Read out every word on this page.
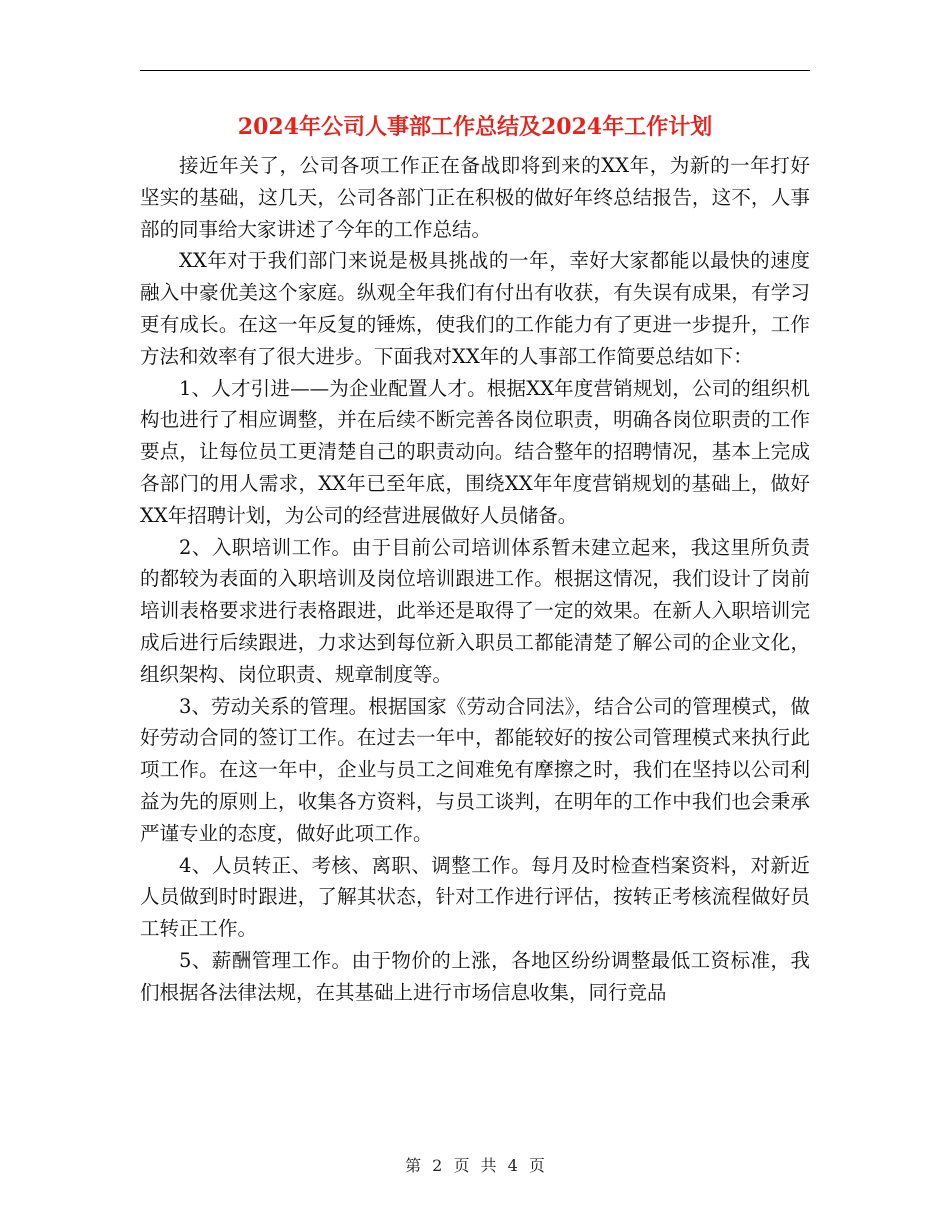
2024年公司人事部工作总结及2024年工作计划

接近年关了，公司各项工作正在备战即将到来的XX年，为新的一年打好坚实的基础，这几天，公司各部门正在积极的做好年终总结报告，这不，人事部的同事给大家讲述了今年的工作总结。

XX年对于我们部门来说是极具挑战的一年，幸好大家都能以最快的速度融入中豪优美这个家庭。纵观全年我们有付出有收获，有失误有成果，有学习更有成长。在这一年反复的锤炼，使我们的工作能力有了更进一步提升，工作方法和效率有了很大进步。下面我对XX年的人事部工作简要总结如下：

1、人才引进——为企业配置人才。根据XX年度营销规划，公司的组织机构也进行了相应调整，并在后续不断完善各岗位职责，明确各岗位职责的工作要点，让每位员工更清楚自己的职责动向。结合整年的招聘情况，基本上完成各部门的用人需求，XX年已至年底，围绕XX年年度营销规划的基础上，做好XX年招聘计划，为公司的经营进展做好人员储备。

2、入职培训工作。由于目前公司培训体系暂未建立起来，我这里所负责的都较为表面的入职培训及岗位培训跟进工作。根据这情况，我们设计了岗前培训表格要求进行表格跟进，此举还是取得了一定的效果。在新人入职培训完成后进行后续跟进，力求达到每位新入职员工都能清楚了解公司的企业文化，组织架构、岗位职责、规章制度等。

3、劳动关系的管理。根据国家《劳动合同法》，结合公司的管理模式，做好劳动合同的签订工作。在过去一年中，都能较好的按公司管理模式来执行此项工作。在这一年中，企业与员工之间难免有摩擦之时，我们在坚持以公司利益为先的原则上，收集各方资料，与员工谈判，在明年的工作中我们也会秉承严谨专业的态度，做好此项工作。

4、人员转正、考核、离职、调整工作。每月及时检查档案资料，对新近人员做到时时跟进，了解其状态，针对工作进行评估，按转正考核流程做好员工转正工作。

5、薪酬管理工作。由于物价的上涨，各地区纷纷调整最低工资标准，我们根据各法律法规，在其基础上进行市场信息收集，同行竞品

第 2 页 共 4 页
